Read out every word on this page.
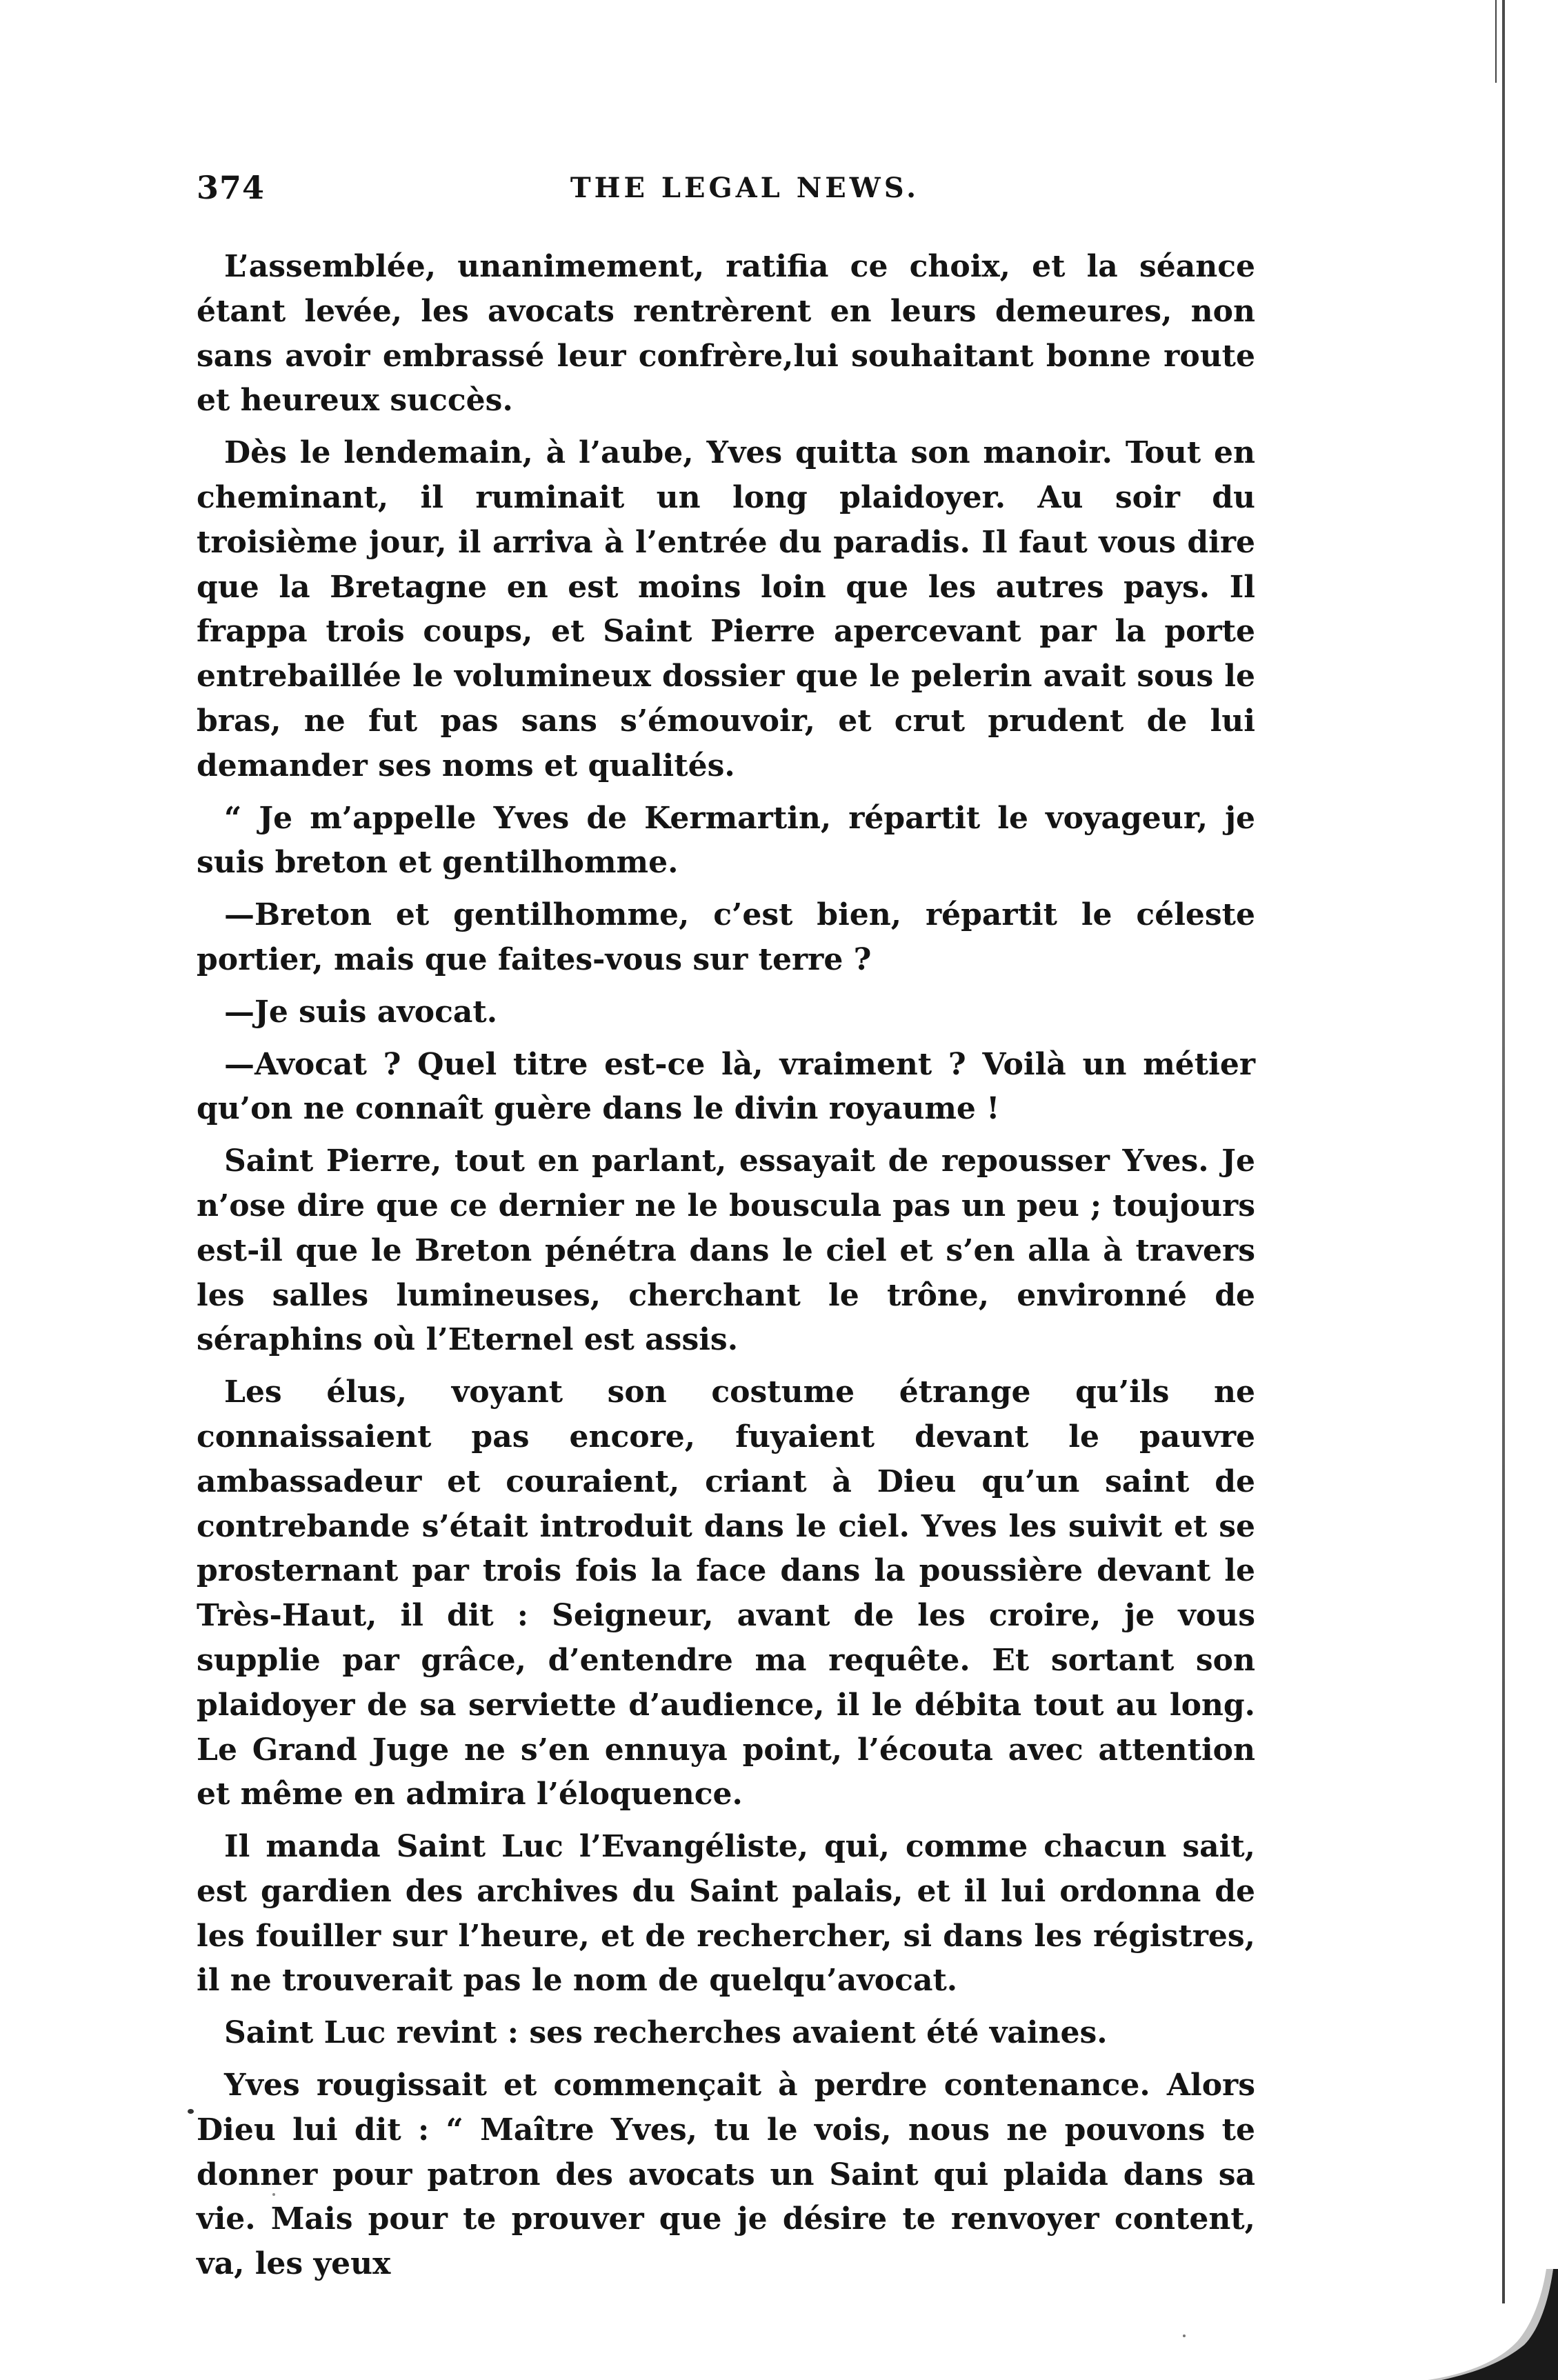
374	THE LEGAL NEWS.

L’assemblée, unanimement, ratifia ce choix, et la séance étant levée, les avocats rentrèrent en leurs demeures, non sans avoir embrassé leur confrère,lui souhaitant bonne route et heureux succès.

Dès le lendemain, à l’aube, Yves quitta son manoir. Tout en cheminant, il ruminait un long plaidoyer. Au soir du troisième jour, il arriva à l’entrée du paradis. Il faut vous dire que la Bretagne en est moins loin que les autres pays. Il frappa trois coups, et Saint Pierre apercevant par la porte entrebaillée le volumineux dossier que le pelerin avait sous le bras, ne fut pas sans s’émouvoir, et crut prudent de lui demander ses noms et qualités.

“ Je m’appelle Yves de Kermartin, répartit le voyageur, je suis breton et gentilhomme.

—Breton et gentilhomme, c’est bien, répartit le céleste portier, mais que faites-vous sur terre ?

—Je suis avocat.

—Avocat ? Quel titre est-ce là, vraiment ? Voilà un métier qu’on ne connaît guère dans le divin royaume !

Saint Pierre, tout en parlant, essayait de repousser Yves. Je n’ose dire que ce dernier ne le bouscula pas un peu ; toujours est-il que le Breton pénétra dans le ciel et s’en alla à travers les salles lumineuses, cherchant le trône, environné de séraphins où l’Eternel est assis.

Les élus, voyant son costume étrange qu’ils ne connaissaient pas encore, fuyaient devant le pauvre ambassadeur et couraient, criant à Dieu qu’un saint de contrebande s’était introduit dans le ciel. Yves les suivit et se prosternant par trois fois la face dans la poussière devant le Très-Haut, il dit : Seigneur, avant de les croire, je vous supplie par grâce, d’entendre ma requête. Et sortant son plaidoyer de sa serviette d’audience, il le débita tout au long. Le Grand Juge ne s’en ennuya point, l’écouta avec attention et même en admira l’éloquence.

Il manda Saint Luc l’Evangéliste, qui, comme chacun sait, est gardien des archives du Saint palais, et il lui ordonna de les fouiller sur l’heure, et de rechercher, si dans les régistres, il ne trouverait pas le nom de quelqu’avocat.

Saint Luc revint : ses recherches avaient été vaines.

Yves rougissait et commençait à perdre contenance. Alors Dieu lui dit : “ Maître Yves, tu le vois, nous ne pouvons te donner pour patron des avocats un Saint qui plaida dans sa vie. Mais pour te prouver que je désire te renvoyer content, va, les yeux
